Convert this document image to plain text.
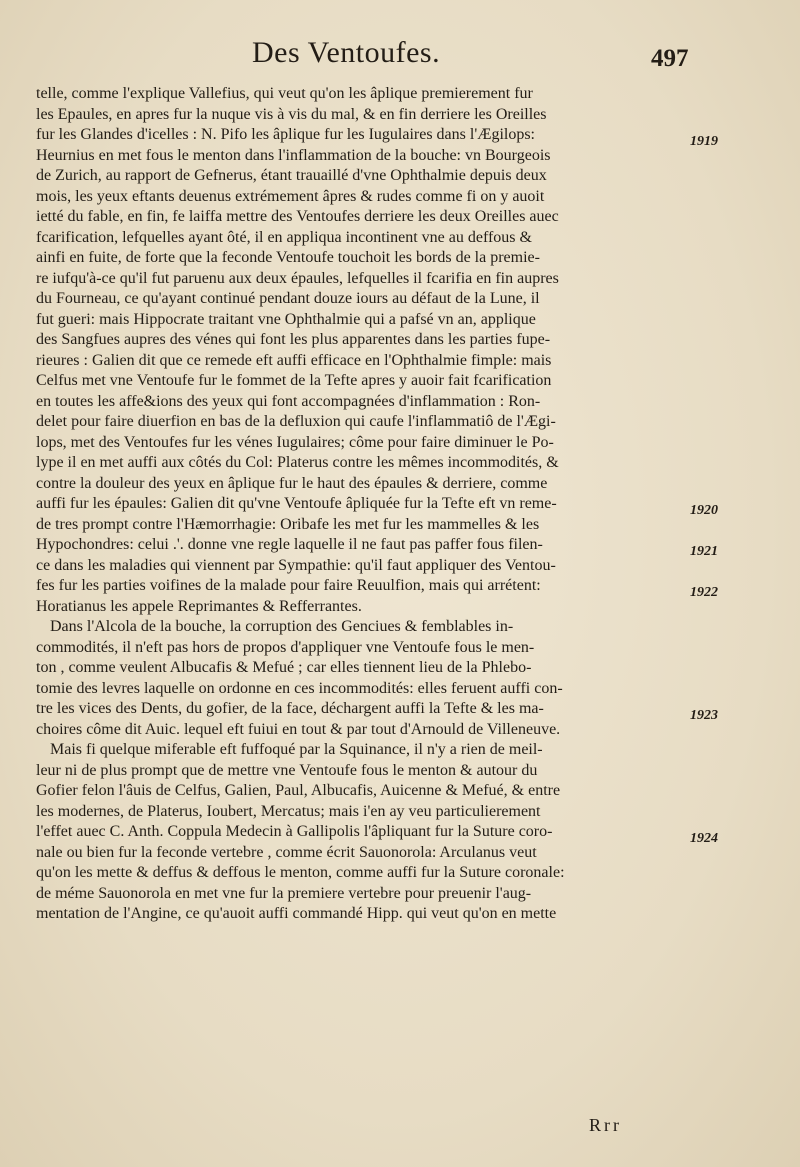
Des Ventoufes.	497
telle, comme l'explique Vallefius, qui veut qu'on les âplique premierement fur
les Epaules, en apres fur la nuque vis à vis du mal, & en fin derriere les Oreilles
fur les Glandes d'icelles : N. Pifo les âplique fur les Iugulaires dans l'Ægilops:
Heurnius en met fous le menton dans l'inflammation de la bouche: vn Bourgeois
de Zurich, au rapport de Gefnerus, étant trauaillé d'vne Ophthalmie depuis deux
mois, les yeux eftants deuenus extrémement âpres & rudes comme fi on y auoit
ietté du fable, en fin, fe laiffa mettre des Ventoufes derriere les deux Oreilles auec
fcarification, lefquelles ayant ôté, il en appliqua incontinent vne au deffous &
ainfi en fuite, de forte que la feconde Ventoufe touchoit les bords de la premie-
re iufqu'à-ce qu'il fut paruenu aux deux épaules, lefquelles il fcarifia en fin aupres
du Fourneau, ce qu'ayant continué pendant douze iours au défaut de la Lune, il
fut gueri: mais Hippocrate traitant vne Ophthalmie qui a pafsé vn an, applique
des Sangfues aupres des vénes qui font les plus apparentes dans les parties fupe-
rieures : Galien dit que ce remede eft auffi efficace en l'Ophthalmie fimple: mais
Celfus met vne Ventoufe fur le fommet de la Tefte apres y auoir fait fcarification
en toutes les affe&ions des yeux qui font accompagnées d'inflammation : Ron-
delet pour faire diuerfion en bas de la defluxion qui caufe l'inflammatiô de l'Ægi-
lops, met des Ventoufes fur les vénes Iugulaires; côme pour faire diminuer le Po-
lype il en met auffi aux côtés du Col: Platerus contre les mêmes incommodités, &
contre la douleur des yeux en âplique fur le haut des épaules & derriere, comme
auffi fur les épaules: Galien dit qu'vne Ventoufe âpliquée fur la Tefte eft vn reme-
de tres prompt contre l'Hæmorrhagie: Oribafe les met fur les mammelles & les
Hypochondres: celui .'. donne vne regle laquelle il ne faut pas paffer fous filen-
ce dans les maladies qui viennent par Sympathie: qu'il faut appliquer des Ventou-
fes fur les parties voifines de la malade pour faire Reuulfion, mais qui arrétent:
Horatianus les appele Reprimantes & Refferrantes.
Dans l'Alcola de la bouche, la corruption des Genciues & femblables in-
commodités, il n'eft pas hors de propos d'appliquer vne Ventoufe fous le men-
ton , comme veulent Albucafis & Mefué ; car elles tiennent lieu de la Phlebo-
tomie des levres laquelle on ordonne en ces incommodités: elles feruent auffi con-
tre les vices des Dents, du gofier, de la face, déchargent auffi la Tefte & les ma-
choires côme dit Auic. lequel eft fuiui en tout & par tout d'Arnould de Villeneuve.
Mais fi quelque miferable eft fuffoqué par la Squinance, il n'y a rien de meil-
leur ni de plus prompt que de mettre vne Ventoufe fous le menton & autour du
Gofier felon l'âuis de Celfus, Galien, Paul, Albucafis, Auicenne & Mefué, & entre
les modernes, de Platerus, Ioubert, Mercatus; mais i'en ay veu particulierement
l'effet auec C. Anth. Coppula Medecin à Gallipolis l'âpliquant fur la Suture coro-
nale ou bien fur la feconde vertebre , comme écrit Sauonorola: Arculanus veut
qu'on les mette & deffus & deffous le menton, comme auffi fur la Suture coronale:
de méme Sauonorola en met vne fur la premiere vertebre pour preuenir l'aug-
mentation de l'Angine, ce qu'auoit auffi commandé Hipp. qui veut qu'on en mette
1919
1920
1921
1922
1923
1924
Rrr
